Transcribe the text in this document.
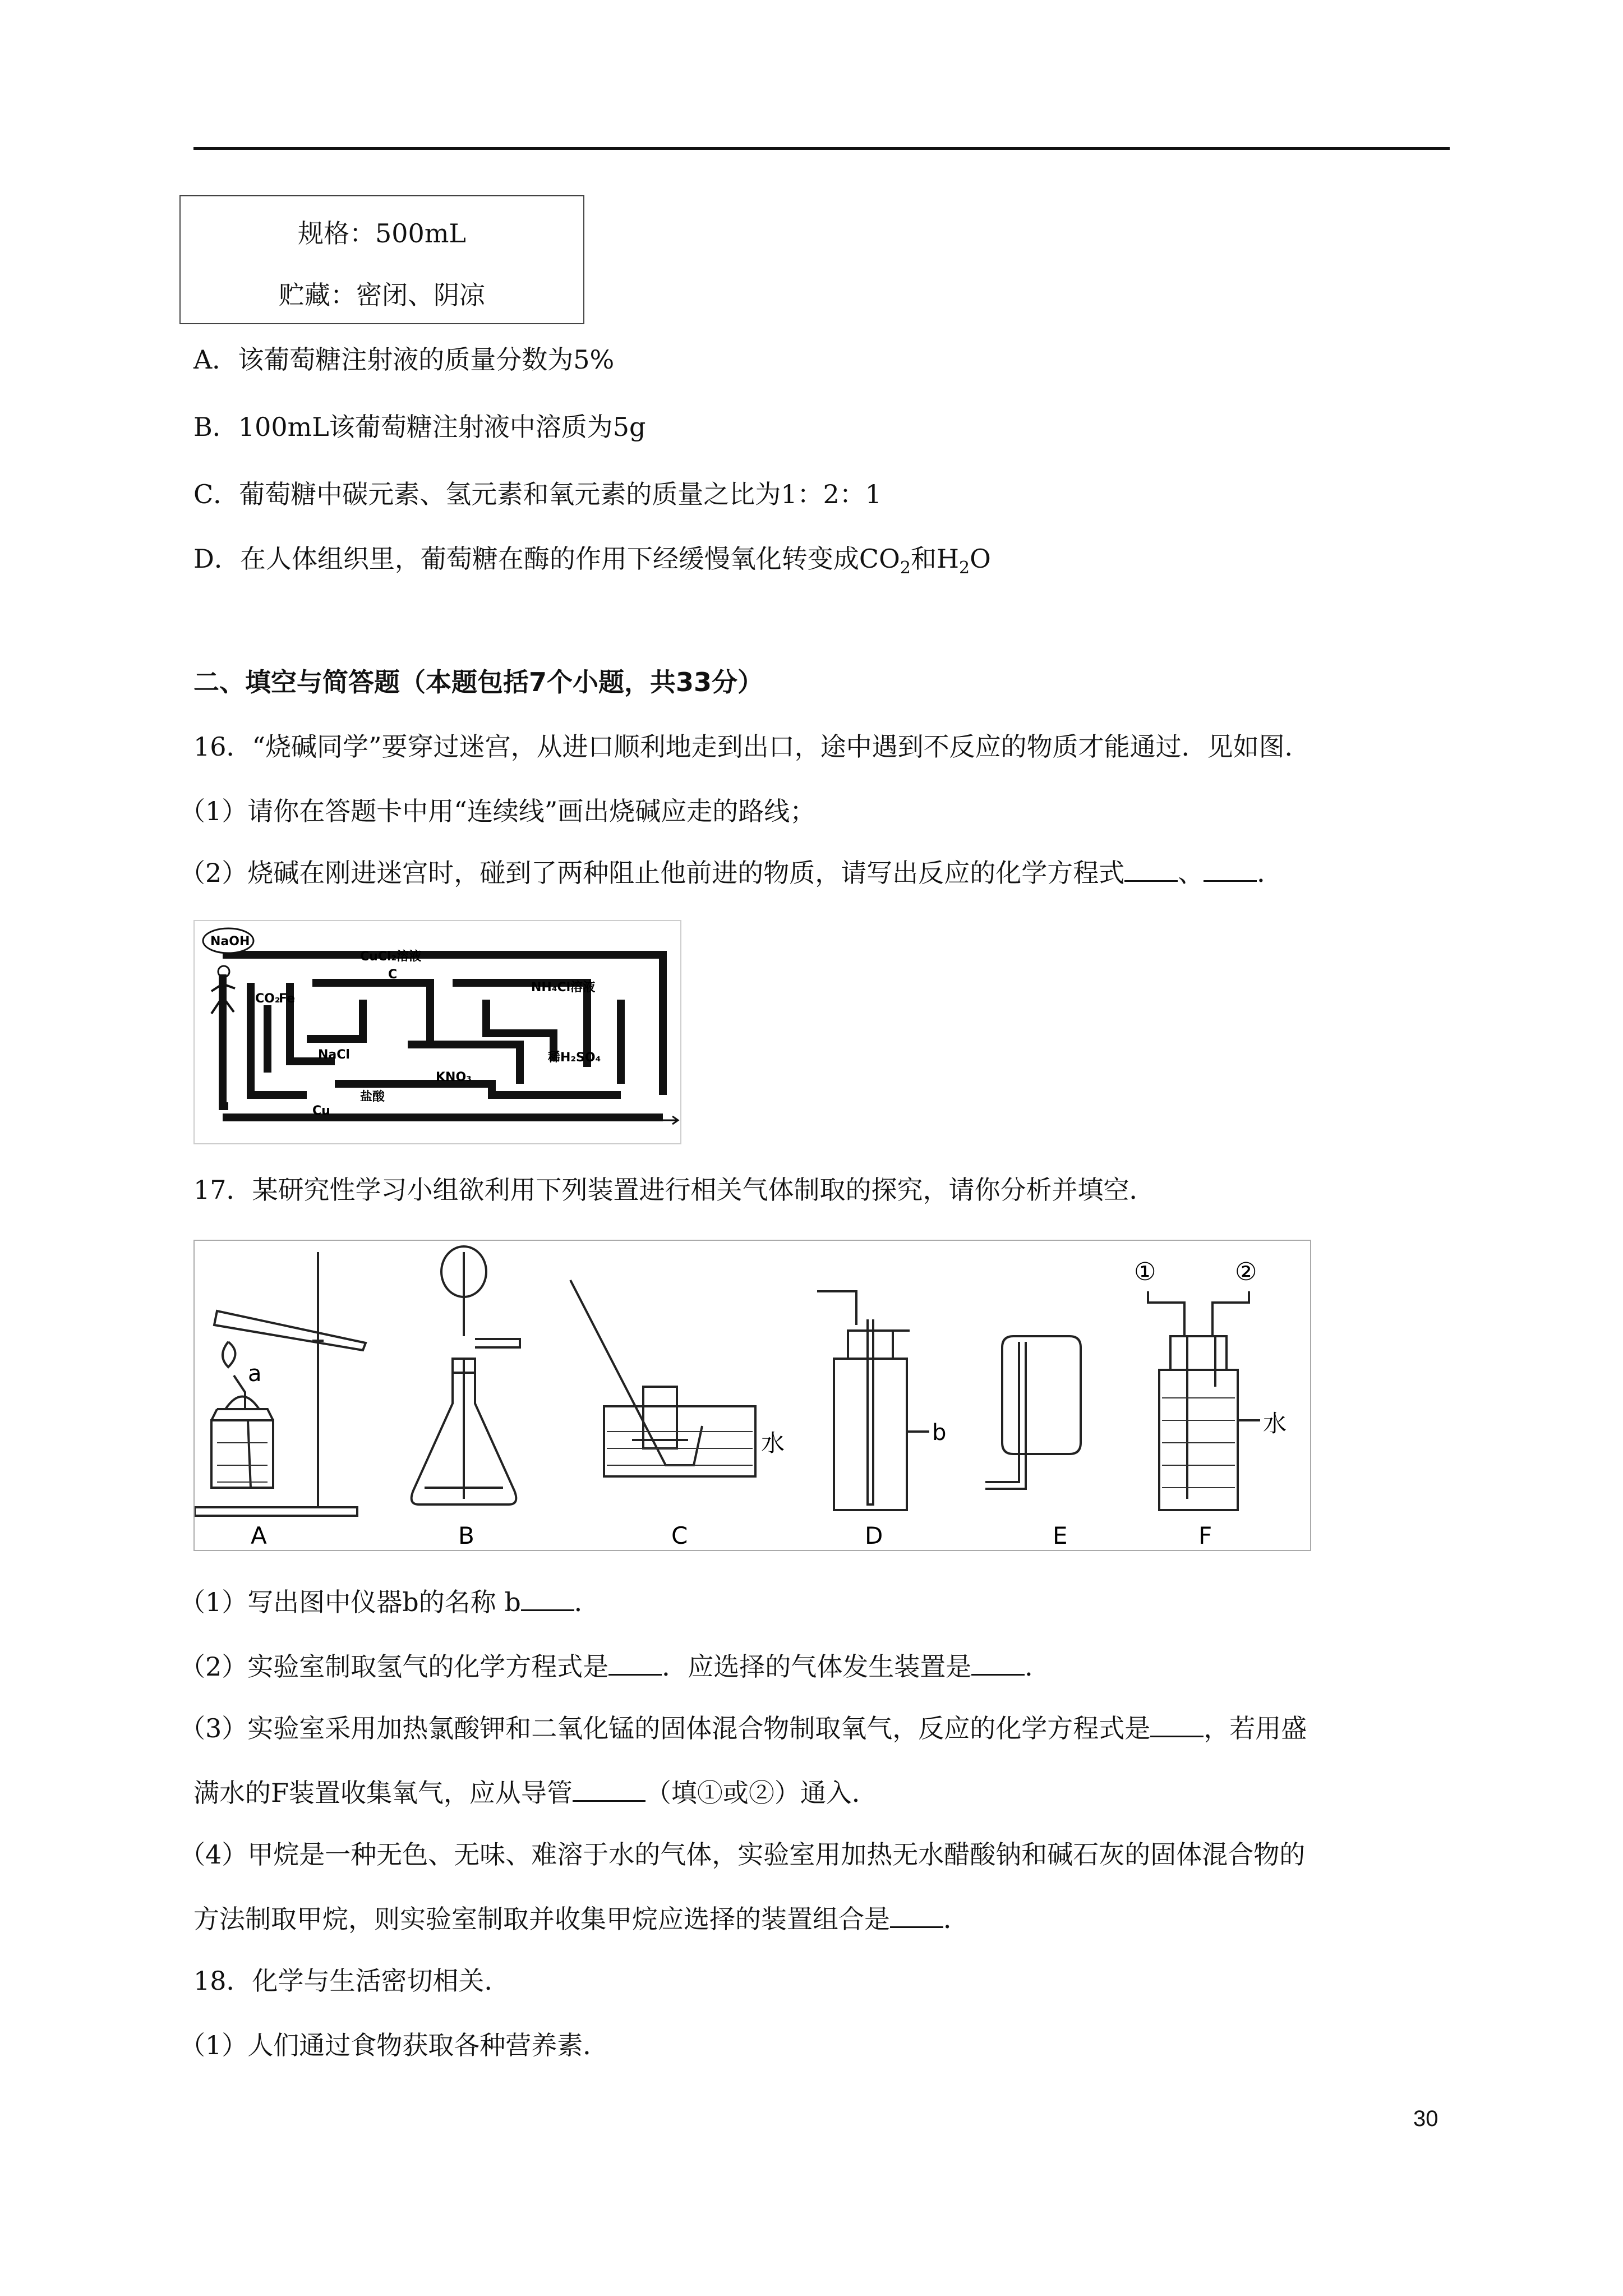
规格：500mL
贮藏：密闭、阴凉
A．该葡萄糖注射液的质量分数为5%
B．100mL该葡萄糖注射液中溶质为5g
C．葡萄糖中碳元素、氢元素和氧元素的质量之比为1：2：1
D．在人体组织里，葡萄糖在酶的作用下经缓慢氧化转变成$CO_2$和$H_2O$
二、填空与简答题（本题包括7个小题，共33分）
16．“烧碱同学”要穿过迷宫，从进口顺利地走到出口，途中遇到不反应的物质才能通过．见如图．
（1）请你在答题卡中用“连续线”画出烧碱应走的路线；
（2）烧碱在刚进迷宫时，碰到了两种阻止他前进的物质，请写出反应的化学方程式 、 ．
NaOH
CuCl₂溶液
C
CO₂
Fe
NH₄Cl溶液
NaCl	稀H₂SO₄
KNO₃
盐酸
Cu
17．某研究性学习小组欲利用下列装置进行相关气体制取的探究，请你分析并填空．
a
b
水
水
①	②
A	B	C	D	E	F
（1）写出图中仪器b的名称 b ．
（2）实验室制取氢气的化学方程式是 ．应选择的气体发生装置是 ．
（3）实验室采用加热氯酸钾和二氧化锰的固体混合物制取氧气，反应的化学方程式是 ，若用盛
满水的F装置收集氧气，应从导管	（填①或②）通入．
（4）甲烷是一种无色、无味、难溶于水的气体，实验室用加热无水醋酸钠和碱石灰的固体混合物的
方法制取甲烷，则实验室制取并收集甲烷应选择的装置组合是 ．
18．化学与生活密切相关．
（1）人们通过食物获取各种营养素．
30
